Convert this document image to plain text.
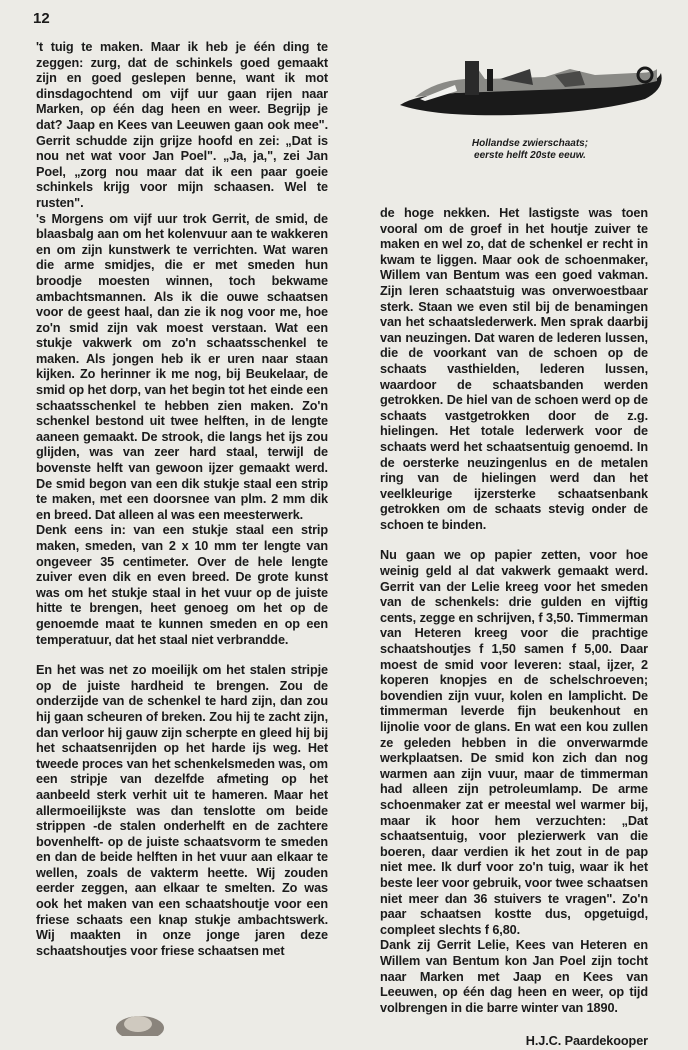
12
Hollandse zwierschaats;
eerste helft 20ste eeuw.

't tuig te maken. Maar ik heb je één ding te zeggen: zurg, dat de schinkels goed gemaakt zijn en goed geslepen benne, want ik mot dinsdagochtend om vijf uur gaan rijen naar Marken, op één dag heen en weer. Begrijp je dat? Jaap en Kees van Leeuwen gaan ook mee". Gerrit schudde zijn grijze hoofd en zei: „Dat is nou net wat voor Jan Poel". „Ja, ja,", zei Jan Poel, „zorg nou maar dat ik een paar goeie schinkels krijg voor mijn schaasen. Wel te rusten".

's Morgens om vijf uur trok Gerrit, de smid, de blaasbalg aan om het kolenvuur aan te wakkeren en om zijn kunstwerk te verrichten. Wat waren die arme smidjes, die er met smeden hun broodje moesten winnen, toch bekwame ambachtsmannen. Als ik die ouwe schaatsen voor de geest haal, dan zie ik nog voor me, hoe zo'n smid zijn vak moest verstaan. Wat een stukje vakwerk om zo'n schaatsschenkel te maken. Als jongen heb ik er uren naar staan kijken. Zo herinner ik me nog, bij Beukelaar, de smid op het dorp, van het begin tot het einde een schaatsschenkel te hebben zien maken. Zo'n schenkel bestond uit twee helften, in de lengte aaneen gemaakt. De strook, die langs het ijs zou glijden, was van zeer hard staal, terwijl de bovenste helft van gewoon ijzer gemaakt werd. De smid begon van een dik stukje staal een strip te maken, met een doorsnee van plm. 2 mm dik en breed. Dat alleen al was een meesterwerk.

Denk eens in: van een stukje staal een strip maken, smeden, van 2 x 10 mm ter lengte van ongeveer 35 centimeter. Over de hele lengte zuiver even dik en even breed. De grote kunst was om het stukje staal in het vuur op de juiste hitte te brengen, heet genoeg om het op de genoemde maat te kunnen smeden en op een temperatuur, dat het staal niet verbrandde.

En het was net zo moeilijk om het stalen stripje op de juiste hardheid te brengen. Zou de onderzijde van de schenkel te hard zijn, dan zou hij gaan scheuren of breken. Zou hij te zacht zijn, dan verloor hij gauw zijn scherpte en gleed hij bij het schaatsenrijden op het harde ijs weg. Het tweede proces van het schenkelsmeden was, om een stripje van dezelfde afmeting op het aanbeeld sterk verhit uit te hameren. Maar het allermoeilijkste was dan tenslotte om beide strippen -de stalen onderhelft en de zachtere bovenhelft- op de juiste schaatsvorm te smeden en dan de beide helften in het vuur aan elkaar te wellen, zoals de vakterm heette. Wij zouden eerder zeggen, aan elkaar te smelten. Zo was ook het maken van een schaatshoutje voor een friese schaats een knap stukje ambachtswerk. Wij maakten in onze jonge jaren deze schaatshoutjes voor friese schaatsen met

de hoge nekken. Het lastigste was toen vooral om de groef in het houtje zuiver te maken en wel zo, dat de schenkel er recht in kwam te liggen. Maar ook de schoenmaker, Willem van Bentum was een goed vakman. Zijn leren schaatstuig was onverwoestbaar sterk. Staan we even stil bij de benamingen van het schaatslederwerk. Men sprak daarbij van neuzingen. Dat waren de lederen lussen, die de voorkant van de schoen op de schaats vasthielden, lederen lussen, waardoor de schaatsbanden werden getrokken. De hiel van de schoen werd op de schaats vastgetrokken door de z.g. hielingen. Het totale lederwerk voor de schaats werd het schaatsentuig genoemd. In de oersterke neuzingenlus en de metalen ring van de hielingen werd dan het veelkleurige ijzersterke schaatsenbank getrokken om de schaats stevig onder de schoen te binden.

Nu gaan we op papier zetten, voor hoe weinig geld al dat vakwerk gemaakt werd. Gerrit van der Lelie kreeg voor het smeden van de schenkels: drie gulden en vijftig cents, zegge en schrijven, f 3,50. Timmerman van Heteren kreeg voor die prachtige schaatshoutjes f 1,50 samen f 5,00. Daar moest de smid voor leveren: staal, ijzer, 2 koperen knopjes en de schelschroeven; bovendien zijn vuur, kolen en lamplicht. De timmerman leverde fijn beukenhout en lijnolie voor de glans. En wat een kou zullen ze geleden hebben in die onverwarmde werkplaatsen. De smid kon zich dan nog warmen aan zijn vuur, maar de timmerman had alleen zijn petroleumlamp. De arme schoenmaker zat er meestal wel warmer bij, maar ik hoor hem verzuchten: „Dat schaatsentuig, voor plezierwerk van die boeren, daar verdien ik het zout in de pap niet mee. Ik durf voor zo'n tuig, waar ik het beste leer voor gebruik, voor twee schaatsen niet meer dan 36 stuivers te vragen". Zo'n paar schaatsen kostte dus, opgetuigd, compleet slechts f 6,80.

Dank zij Gerrit Lelie, Kees van Heteren en Willem van Bentum kon Jan Poel zijn tocht naar Marken met Jaap en Kees van Leeuwen, op één dag heen en weer, op tijd volbrengen in die barre winter van 1890.

H.J.C. Paardekooper
